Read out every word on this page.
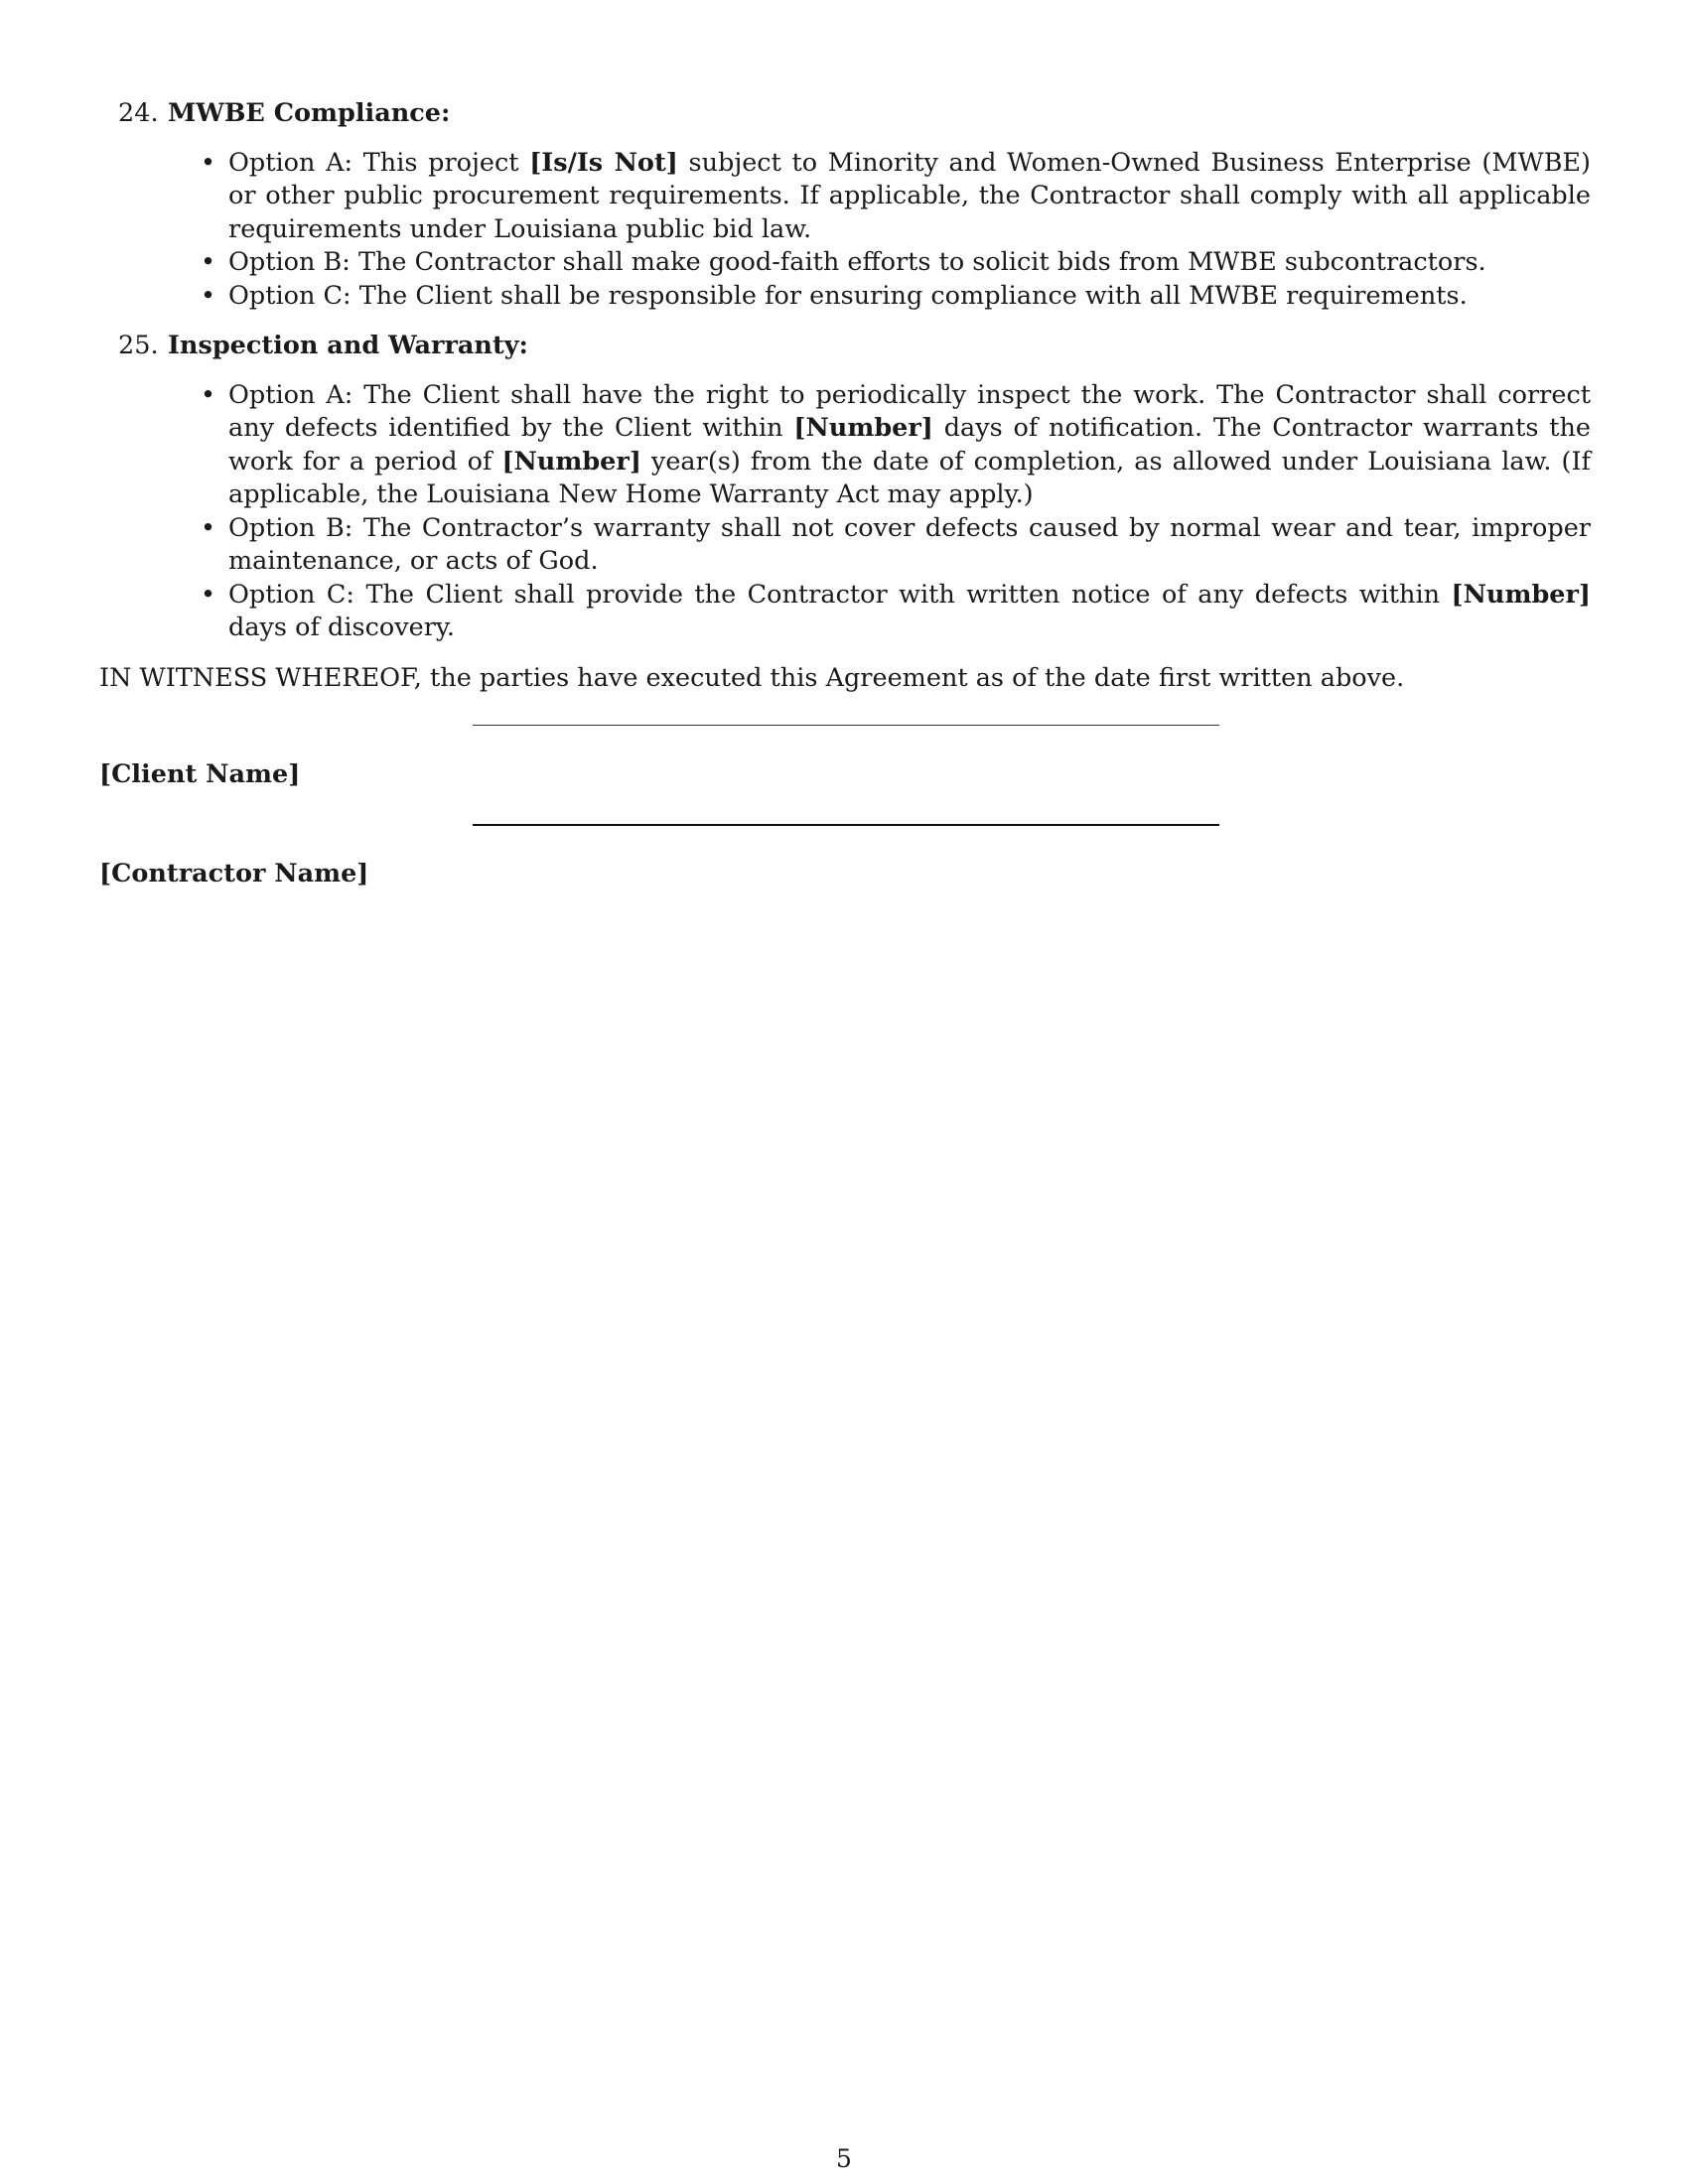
24. MWBE Compliance:
• Option A: This project [Is/Is Not] subject to Minority and Women-Owned Business Enterprise (MWBE) or other public procurement requirements. If applicable, the Contractor shall comply with all applicable requirements under Louisiana public bid law.
• Option B: The Contractor shall make good-faith efforts to solicit bids from MWBE subcontractors.
• Option C: The Client shall be responsible for ensuring compliance with all MWBE requirements.
25. Inspection and Warranty:
• Option A: The Client shall have the right to periodically inspect the work. The Contractor shall correct any defects identified by the Client within [Number] days of notification. The Contractor warrants the work for a period of [Number] year(s) from the date of completion, as allowed under Louisiana law. (If applicable, the Louisiana New Home Warranty Act may apply.)
• Option B: The Contractor’s warranty shall not cover defects caused by normal wear and tear, improper maintenance, or acts of God.
• Option C: The Client shall provide the Contractor with written notice of any defects within [Number] days of discovery.

IN WITNESS WHEREOF, the parties have executed this Agreement as of the date first written above.

[Client Name]
[Contractor Name]
5
